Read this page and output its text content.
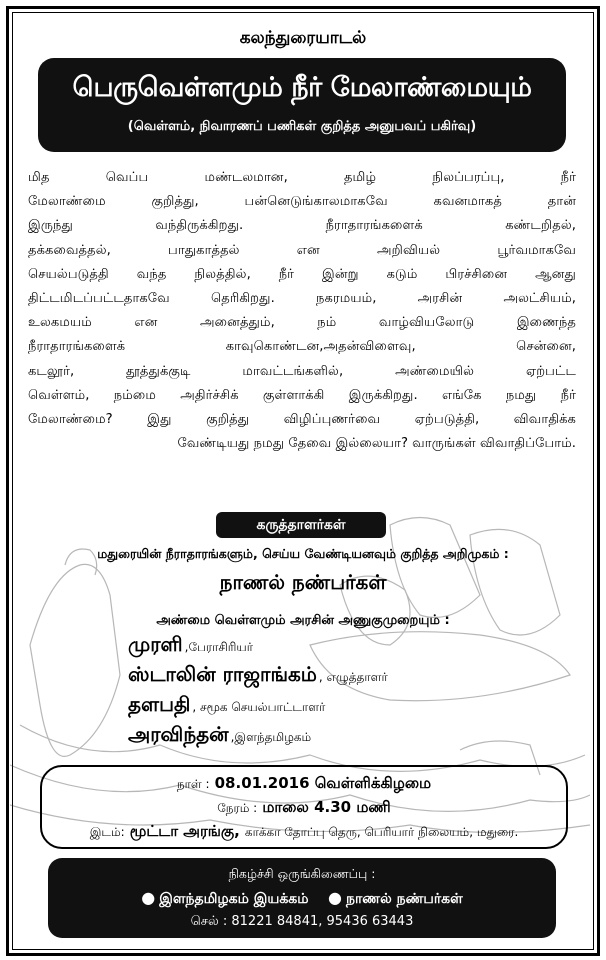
கலந்துரையாடல்
பெருவெள்ளமும் நீர் மேலாண்மையும்
(வெள்ளம், நிவாரணப் பணிகள் குறித்த அனுபவப் பகிர்வு)
மித வெப்ப மண்டலமான, தமிழ் நிலப்பரப்பு, நீர்
மேலாண்மை குறித்து, பன்னெடுங்காலமாகவே கவனமாகத் தான்
இருந்து வந்திருக்கிறது. நீராதாரங்களைக் கண்டறிதல்,
தக்கவைத்தல், பாதுகாத்தல் என அறிவியல் பூர்வமாகவே
செயல்படுத்தி வந்த நிலத்தில், நீர் இன்று கடும் பிரச்சினை ஆனது
திட்டமிடப்பட்டதாகவே தெரிகிறது. நகரமயம், அரசின் அலட்சியம்,
உலகமயம் என அனைத்தும், நம் வாழ்வியலோடு இணைந்த
நீராதாரங்களைக் காவுகொண்டன,அதன்விளைவு, சென்னை,
கடலூர், தூத்துக்குடி மாவட்டங்களில், அண்மையில் ஏற்பட்ட
வெள்ளம், நம்மை அதிர்ச்சிக் குள்ளாக்கி இருக்கிறது. எங்கே நமது நீர்
மேலாண்மை? இது குறித்து விழிப்புணர்வை ஏற்படுத்தி, விவாதிக்க
வேண்டியது நமது தேவை இல்லையா? வாருங்கள் விவாதிப்போம்.
கருத்தாளர்கள்
மதுரையின் நீராதாரங்களும், செய்ய வேண்டியனவும் குறித்த அறிமுகம் :
நாணல் நண்பர்கள்
அண்மை வெள்ளமும் அரசின் அணுகுமுறையும் :
முரளி ,பேராசிரியர்
ஸ்டாலின் ராஜாங்கம் , எழுத்தாளர்
தளபதி , சமூக செயல்பாட்டாளர்
அரவிந்தன் ,இளந்தமிழகம்
நாள் : 08.01.2016 வெள்ளிக்கிழமை
நேரம் : மாலை 4.30 மணி
இடம்: மூட்டா அரங்கு, காக்கா தோப்பு தெரு, பெரியார் நிலையம், மதுரை.
நிகழ்ச்சி ஒருங்கிணைப்பு :
● இளந்தமிழகம் இயக்கம் ● நாணல் நண்பர்கள்
செல் : 81221 84841, 95436 63443
